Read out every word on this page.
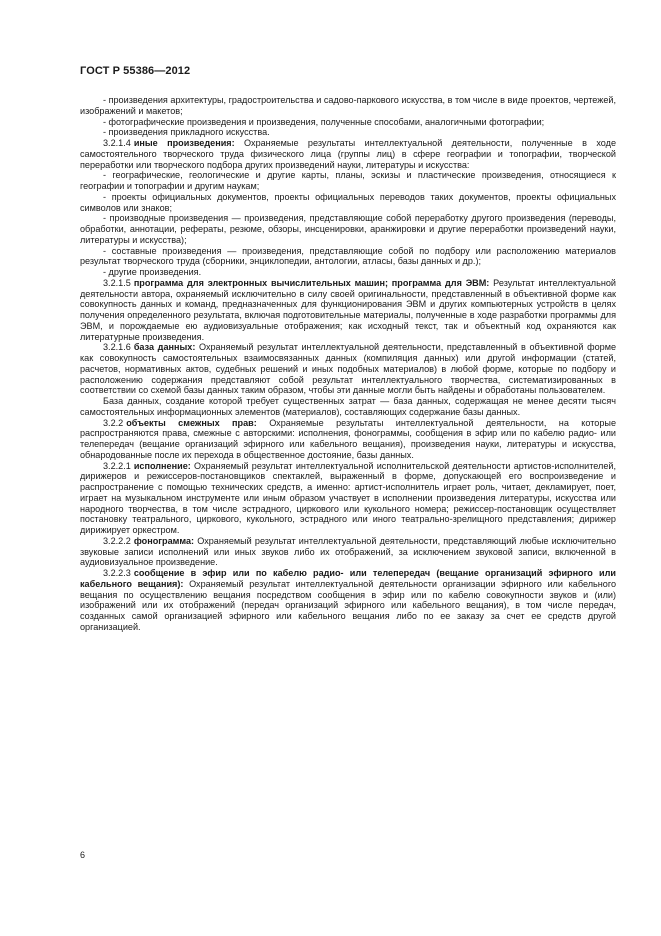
ГОСТ Р 55386—2012

- произведения архитектуры, градостроительства и садово-паркового искусства, в том числе в виде проектов, чертежей, изображений и макетов;

- фотографические произведения и произведения, полученные способами, аналогичными фотографии;

- произведения прикладного искусства.

3.2.1.4 иные произведения: Охраняемые результаты интеллектуальной деятельности, полученные в ходе самостоятельного творческого труда физического лица (группы лиц) в сфере географии и топографии, творческой переработки или творческого подбора других произведений науки, литературы и искусства:

- географические, геологические и другие карты, планы, эскизы и пластические произведения, относящиеся к географии и топографии и другим наукам;

- проекты официальных документов, проекты официальных переводов таких документов, проекты официальных символов или знаков;

- производные произведения — произведения, представляющие собой переработку другого произведения (переводы, обработки, аннотации, рефераты, резюме, обзоры, инсценировки, аранжировки и другие переработки произведений науки, литературы и искусства);

- составные произведения — произведения, представляющие собой по подбору или расположению материалов результат творческого труда (сборники, энциклопедии, антологии, атласы, базы данных и др.);

- другие произведения.

3.2.1.5 программа для электронных вычислительных машин; программа для ЭВМ: Результат интеллектуальной деятельности автора, охраняемый исключительно в силу своей оригинальности, представленный в объективной форме как совокупность данных и команд, предназначенных для функционирования ЭВМ и других компьютерных устройств в целях получения определенного результата, включая подготовительные материалы, полученные в ходе разработки программы для ЭВМ, и порождаемые ею аудиовизуальные отображения; как исходный текст, так и объектный код охраняются как литературные произведения.

3.2.1.6 база данных: Охраняемый результат интеллектуальной деятельности, представленный в объективной форме как совокупность самостоятельных взаимосвязанных данных (компиляция данных) или другой информации (статей, расчетов, нормативных актов, судебных решений и иных подобных материалов) в любой форме, которые по подбору и расположению содержания представляют собой результат интеллектуального творчества, систематизированных в соответствии со схемой базы данных таким образом, чтобы эти данные могли быть найдены и обработаны пользователем.

База данных, создание которой требует существенных затрат — база данных, содержащая не менее десяти тысяч самостоятельных информационных элементов (материалов), составляющих содержание базы данных.

3.2.2 объекты смежных прав: Охраняемые результаты интеллектуальной деятельности, на которые распространяются права, смежные с авторскими: исполнения, фонограммы, сообщения в эфир или по кабелю радио- или телепередач (вещание организаций эфирного или кабельного вещания), произведения науки, литературы и искусства, обнародованные после их перехода в общественное достояние, базы данных.

3.2.2.1 исполнение: Охраняемый результат интеллектуальной исполнительской деятельности артистов-исполнителей, дирижеров и режиссеров-постановщиков спектаклей, выраженный в форме, допускающей его воспроизведение и распространение с помощью технических средств, а именно: артист-исполнитель играет роль, читает, декламирует, поет, играет на музыкальном инструменте или иным образом участвует в исполнении произведения литературы, искусства или народного творчества, в том числе эстрадного, циркового или кукольного номера; режиссер-постановщик осуществляет постановку театрального, циркового, кукольного, эстрадного или иного театрально-зрелищного представления; дирижер дирижирует оркестром.

3.2.2.2 фонограмма: Охраняемый результат интеллектуальной деятельности, представляющий любые исключительно звуковые записи исполнений или иных звуков либо их отображений, за исключением звуковой записи, включенной в аудиовизуальное произведение.

3.2.2.3 сообщение в эфир или по кабелю радио- или телепередач (вещание организаций эфирного или кабельного вещания): Охраняемый результат интеллектуальной деятельности организации эфирного или кабельного вещания по осуществлению вещания посредством сообщения в эфир или по кабелю совокупности звуков и (или) изображений или их отображений (передач организаций эфирного или кабельного вещания), в том числе передач, созданных самой организацией эфирного или кабельного вещания либо по ее заказу за счет ее средств другой организацией.

6
